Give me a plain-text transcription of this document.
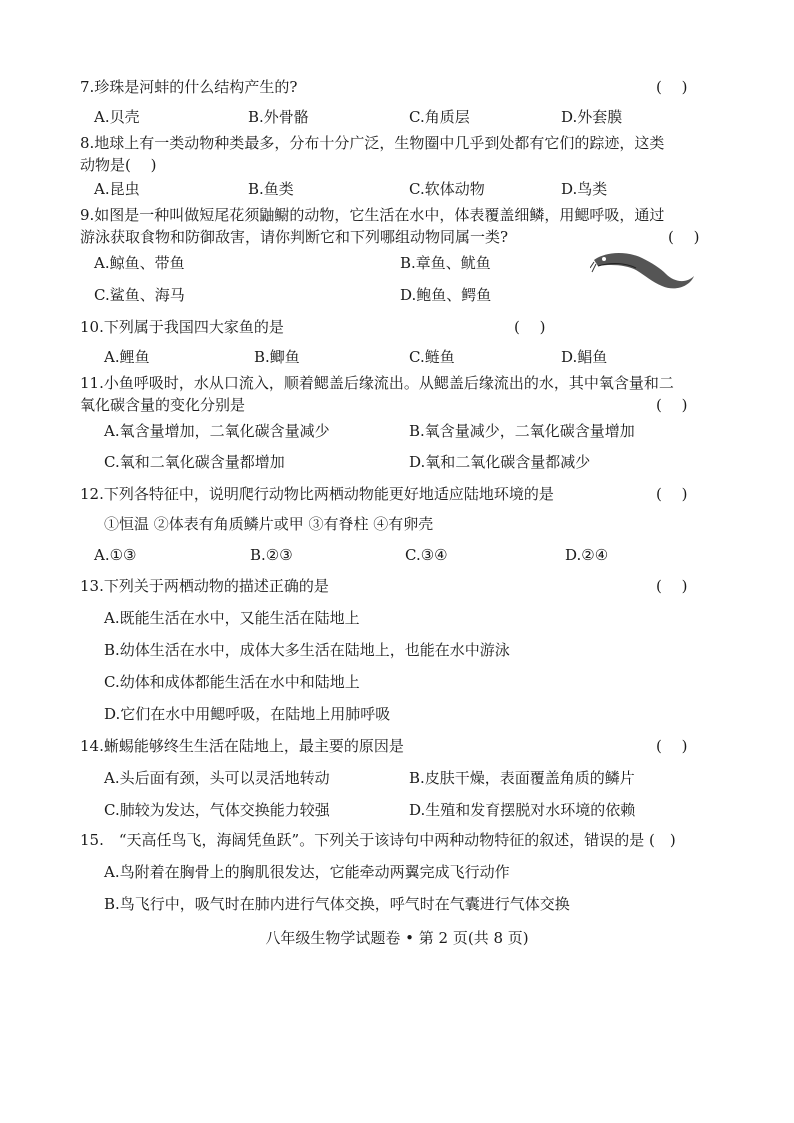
7.珍珠是河蚌的什么结构产生的?	(　 )
A.贝壳	B.外骨骼	C.角质层	D.外套膜
8.地球上有一类动物种类最多，分布十分广泛，生物圈中几乎到处都有它们的踪迹，这类
动物是(　 )
A.昆虫	B.鱼类	C.软体动物	D.鸟类
9.如图是一种叫做短尾花须鼬鳚的动物，它生活在水中，体表覆盖细鳞，用鳃呼吸，通过
游泳获取食物和防御敌害，请你判断它和下列哪组动物同属一类?	(　 )
A.鲸鱼、带鱼	B.章鱼、鱿鱼
C.鲨鱼、海马	D.鲍鱼、鳄鱼
10.下列属于我国四大家鱼的是	(　 )
A.鲤鱼	B.鲫鱼	C.鲢鱼	D.鲳鱼
11.小鱼呼吸时，水从口流入，顺着鳃盖后缘流出。从鳃盖后缘流出的水，其中氧含量和二
氧化碳含量的变化分别是	(　 )
A.氧含量增加，二氧化碳含量减少	B.氧含量减少，二氧化碳含量增加
C.氧和二氧化碳含量都增加	D.氧和二氧化碳含量都减少
12.下列各特征中，说明爬行动物比两栖动物能更好地适应陆地环境的是	(　 )
①恒温 ②体表有角质鳞片或甲 ③有脊柱 ④有卵壳
A.①③	B.②③	C.③④	D.②④
13.下列关于两栖动物的描述正确的是	(　 )
A.既能生活在水中，又能生活在陆地上
B.幼体生活在水中，成体大多生活在陆地上，也能在水中游泳
C.幼体和成体都能生活在水中和陆地上
D.它们在水中用鳃呼吸，在陆地上用肺呼吸
14.蜥蜴能够终生生活在陆地上，最主要的原因是	(　 )
A.头后面有颈，头可以灵活地转动	B.皮肤干燥，表面覆盖角质的鳞片
C.肺较为发达，气体交换能力较强	D.生殖和发育摆脱对水环境的依赖
15.　“天高任鸟飞，海阔凭鱼跃”。下列关于该诗句中两种动物特征的叙述，错误的是 (　)
A.鸟附着在胸骨上的胸肌很发达，它能牵动两翼完成飞行动作
B.鸟飞行中，吸气时在肺内进行气体交换，呼气时在气囊进行气体交换
八年级生物学试题卷 • 第 2 页(共 8 页)
